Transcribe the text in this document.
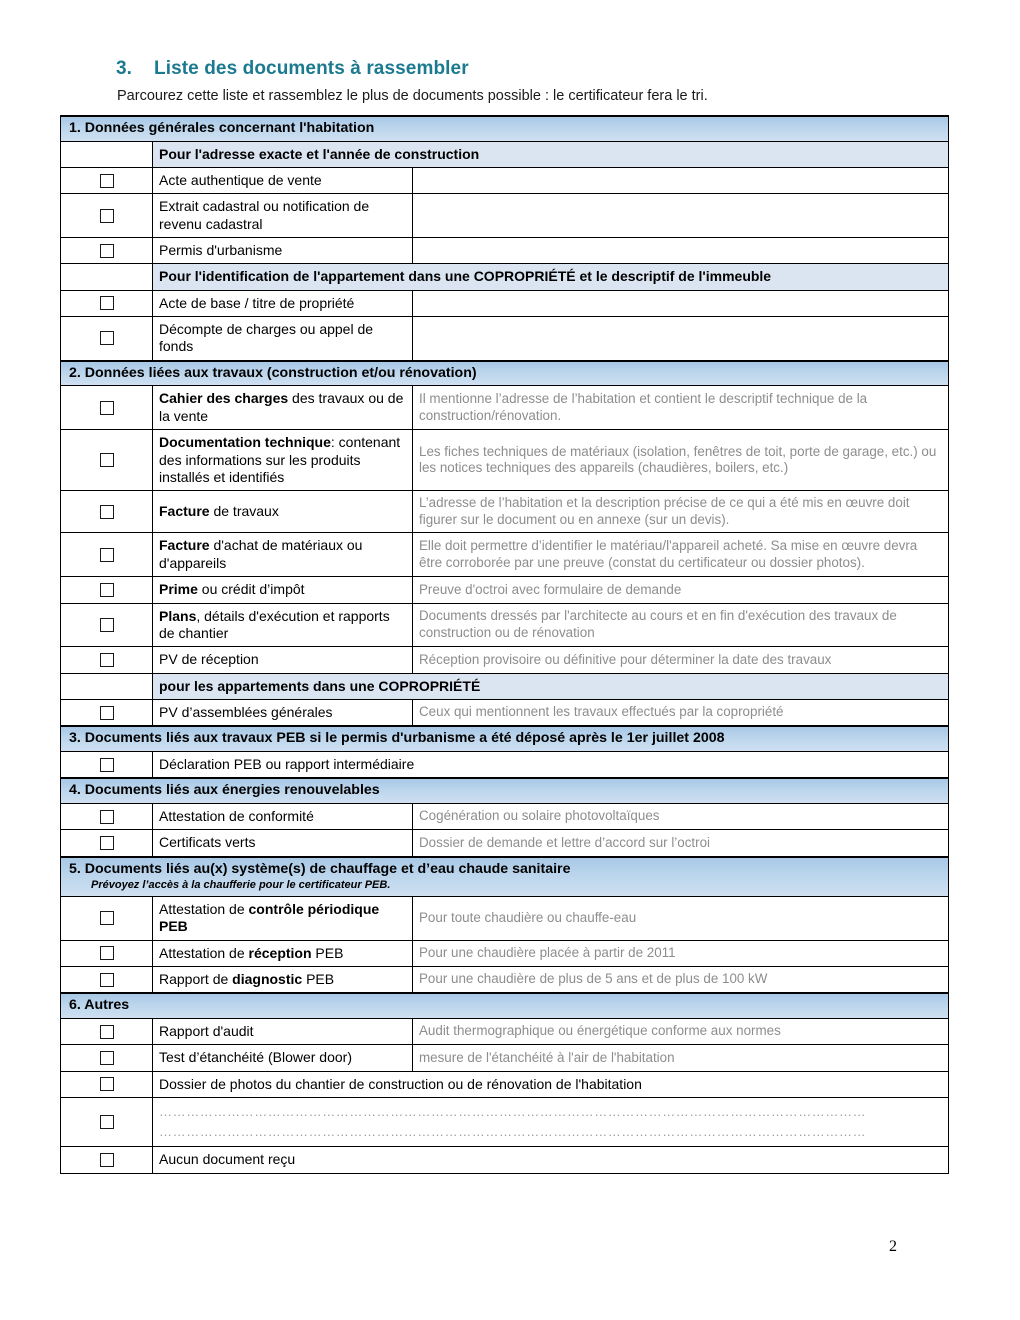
3.	Liste des documents à rassembler
Parcourez cette liste et rassemblez le plus de documents possible : le certificateur fera le tri.
1. Données générales concernant l'habitation		
	Pour l'adresse exacte et l'année de construction	
	Acte authentique de vente	
	Extrait cadastral ou notification de revenu cadastral	
	Permis d'urbanisme	
	Pour l'identification de l'appartement dans une COPROPRIÉTÉ et le descriptif de l'immeuble	
	Acte de base / titre de propriété	
	Décompte de charges ou appel de fonds	
2. Données liées aux travaux (construction et/ou rénovation)		
	Cahier des charges des travaux ou de la vente	Il mentionne l’adresse de l’habitation et contient le descriptif technique de la construction/rénovation.
	Documentation technique: contenant des informations sur les produits installés et identifiés	Les fiches techniques de matériaux (isolation, fenêtres de toit, porte de garage, etc.) ou les notices techniques des appareils (chaudières, boilers, etc.)
	Facture de travaux	L’adresse de l’habitation et la description précise de ce qui a été mis en œuvre doit figurer sur le document ou en annexe (sur un devis).
	Facture d'achat de matériaux ou d'appareils	Elle doit permettre d’identifier le matériau/l'appareil acheté. Sa mise en œuvre devra être corroborée par une preuve (constat du certificateur ou dossier photos).
	Prime ou crédit d’impôt	Preuve d'octroi avec formulaire de demande
	Plans, détails d'exécution et rapports de chantier	Documents dressés par l'architecte au cours et en fin d'exécution des travaux de construction ou de rénovation
	PV de réception	Réception provisoire ou définitive pour déterminer la date des travaux
	pour les appartements dans une COPROPRIÉTÉ	
	PV d’assemblées générales	Ceux qui mentionnent les travaux effectués par la copropriété
3. Documents liés aux travaux PEB si le permis d'urbanisme a été déposé après le 1er juillet 2008		
	Déclaration PEB ou rapport intermédiaire	
4. Documents liés aux énergies renouvelables		
	Attestation de conformité	Cogénération ou solaire photovoltaïques
	Certificats verts	Dossier de demande et lettre d’accord sur l’octroi
5. Documents liés au(x) système(s) de chauffage et d’eau chaude sanitaire
Prévoyez l’accès à la chaufferie pour le certificateur PEB.		

	Attestation de contrôle périodique PEB	Pour toute chaudière ou chauffe-eau
	Attestation de réception PEB	Pour une chaudière placée à partir de 2011
	Rapport de diagnostic PEB	Pour une chaudière de plus de 5 ans et de plus de 100 kW
6. Autres		
	Rapport d'audit	Audit thermographique ou énergétique conforme aux normes
	Test d’étanchéité (Blower door)	mesure de l'étanchéité à l'air de l'habitation
	Dossier de photos du chantier de construction ou de rénovation de l'habitation	

	…………………………………………………………………………………………………………………………………………
…………………………………………………………………………………………………………………………………………	

	Aucun document reçu	
2
